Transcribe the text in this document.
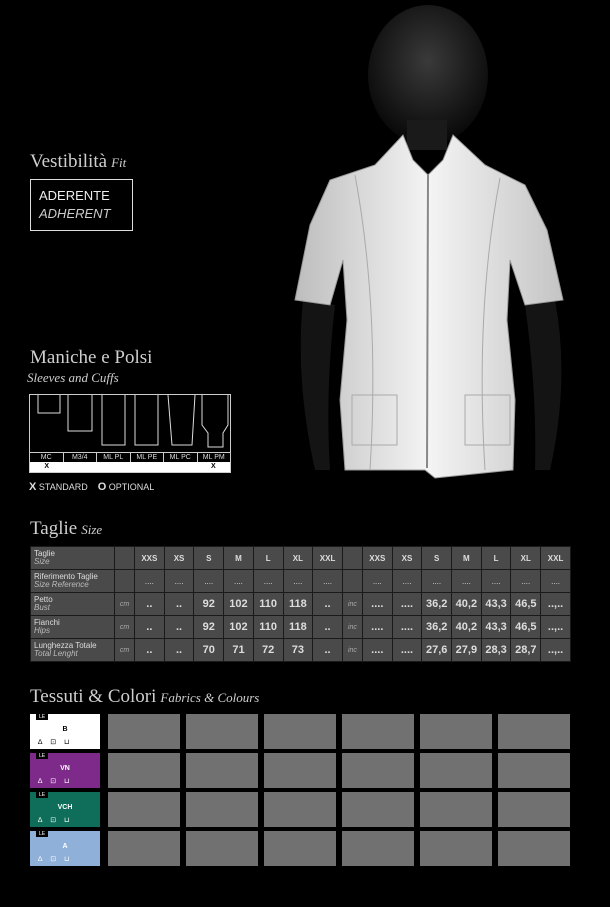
Vestibilità Fit
ADERENTE
ADHERENT
Maniche e Polsi
Sleeves and Cuffs
MC	M3/4	ML PL	ML PE	ML PC	ML PM
X	X
X STANDARD O OPTIONAL
Taglie Size
Taglie
Size		XXS	XS	S	M	L	XL	XXL		XXS	XS	S	M	L	XL	XXL
Riferimento Taglie
Size Reference		....	....	....	....	....	....	....		....	....	....	....	....	....	....
Petto
Bust	cm	..	..	92	102	110	118	..	inc	....	....	36,2	40,2	43,3	46,5	..,..
Fianchi
Hips	cm	..	..	92	102	110	118	..	inc	....	....	36,2	40,2	43,3	46,5	..,..
Lunghezza Totale
Total Lenght	cm	..	..	70	71	72	73	..	inc	....	....	27,6	27,9	28,3	28,7	..,..
Tessuti & Colori Fabrics & Colours
LE
B
∆ ⊡ ⊔
LE
VN
∆ ⊡ ⊔
LE
VCH
∆ ⊡ ⊔
LE
A
∆ ⊡ ⊔
